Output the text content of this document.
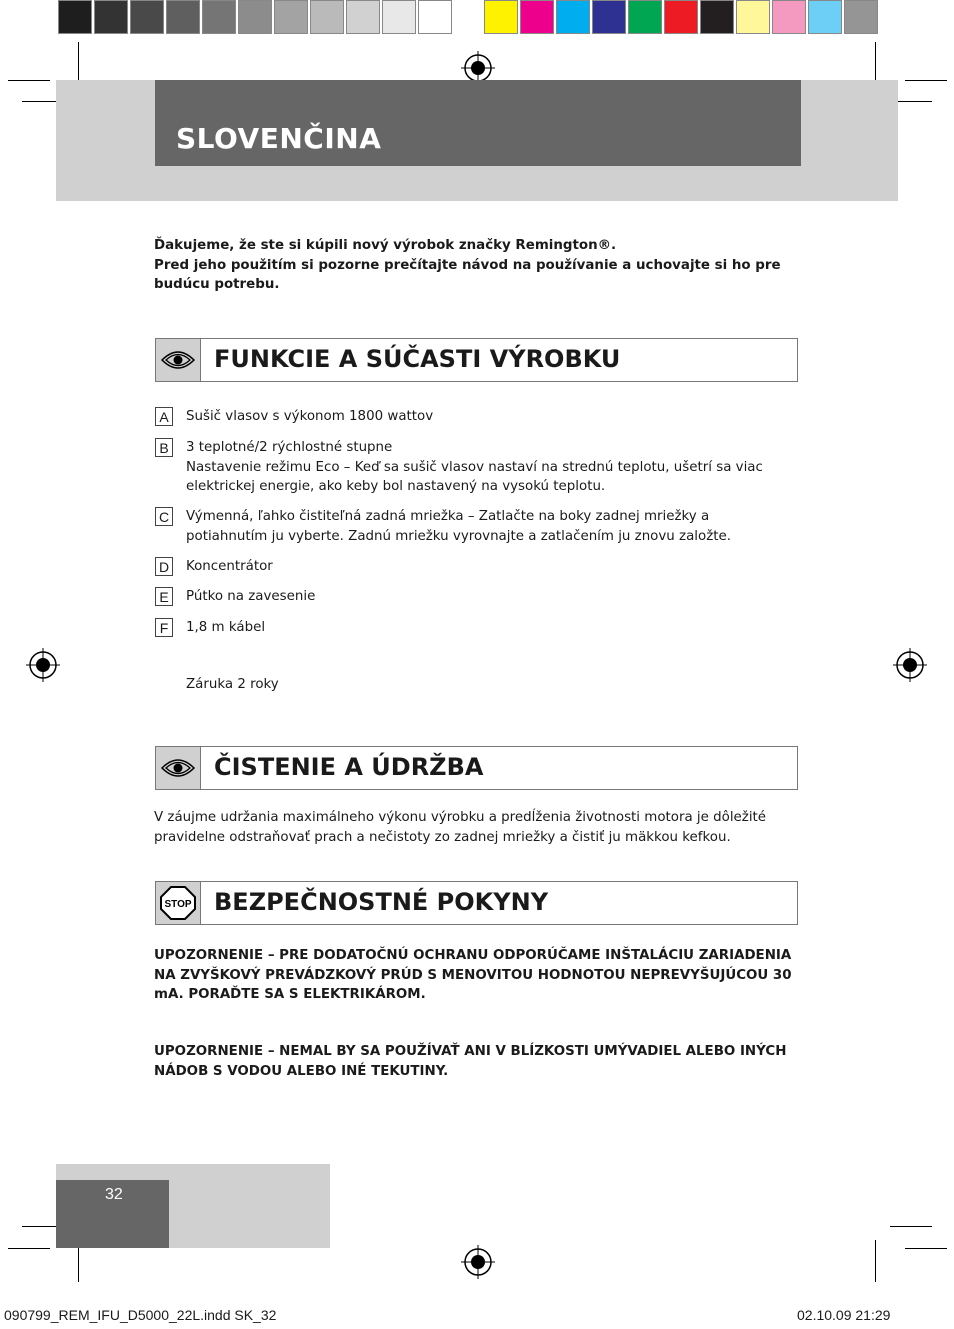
SLOVENČINA
Ďakujeme, že ste si kúpili nový výrobok značky Remington®.
Pred jeho použitím si pozorne prečítajte návod na používanie a uchovajte si ho pre budúcu potrebu.
FUNKCIE A SÚČASTI VÝROBKU
A	Sušič vlasov s výkonom 1800 wattov
B	3 teplotné/2 rýchlostné stupne
Nastavenie režimu Eco – Keď sa sušič vlasov nastaví na strednú teplotu, ušetrí sa viac elektrickej energie, ako keby bol nastavený na vysokú teplotu.
C Výmenná, ľahko čistiteľná zadná mriežka – Zatlačte na boky zadnej mriežky a potiahnutím ju vyberte. Zadnú mriežku vyrovnajte a zatlačením ju znovu založte.
D Koncentrátor
E	Pútko na zavesenie
F	1,8 m kábel
Záruka 2 roky
ČISTENIE A ÚDRŽBA
V záujme udržania maximálneho výkonu výrobku a predĺženia životnosti motora je dôležité pravidelne odstraňovať prach a nečistoty zo zadnej mriežky a čistiť ju mäkkou kefkou.
STOP BEZPEČNOSTNÉ POKYNY
UPOZORNENIE – PRE DODATOČNÚ OCHRANU ODPORÚČAME INŠTALÁCIU ZARIADENIA NA ZVYŠKOVÝ PREVÁDZKOVÝ PRÚD S MENOVITOU HODNOTOU NEPREVYŠUJÚCOU 30 mA. PORAĎTE SA S ELEKTRIKÁROM.
UPOZORNENIE – NEMAL BY SA POUŽÍVAŤ ANI V BLÍZKOSTI UMÝVADIEL ALEBO INÝCH NÁDOB S VODOU ALEBO INÉ TEKUTINY.
32
090799_REM_IFU_D5000_22L.indd SK_32	02.10.09 21:29
